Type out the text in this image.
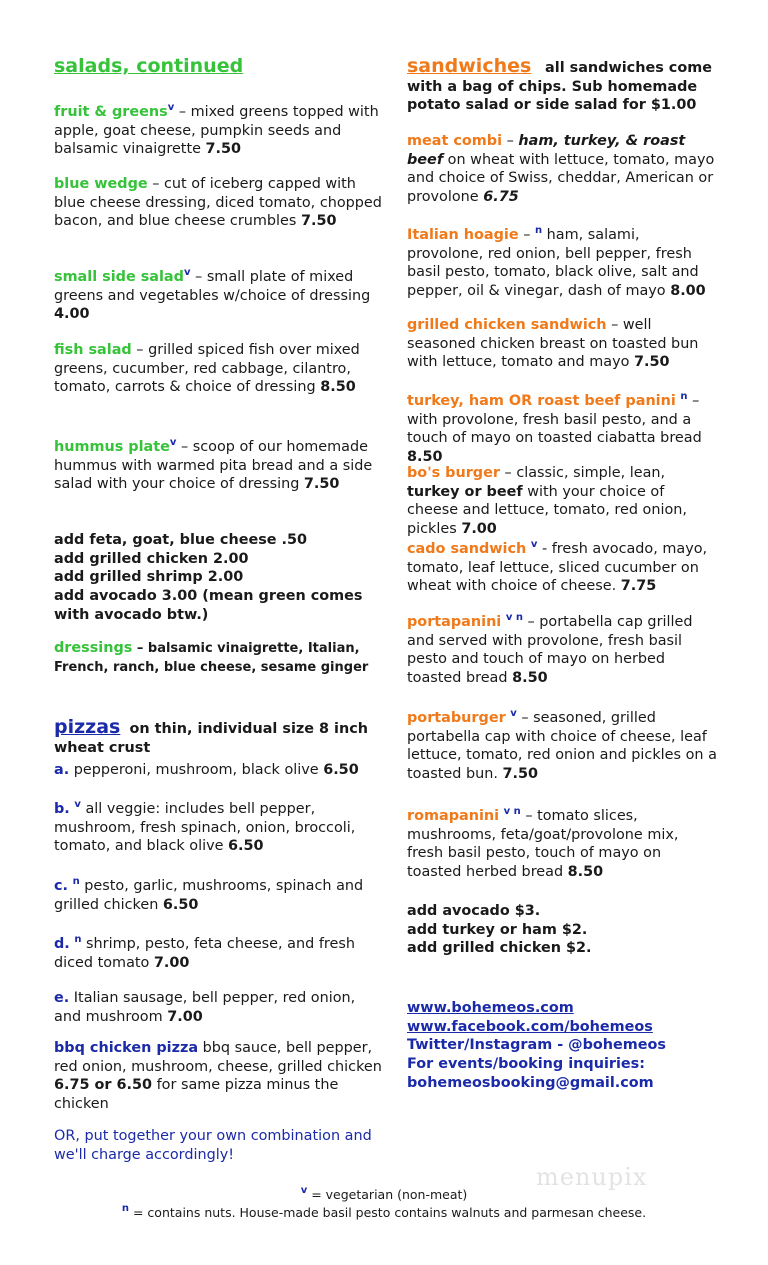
salads, continued
fruit & greens$^v$ – mixed greens topped with apple, goat cheese, pumpkin seeds and balsamic vinaigrette 7.50
blue wedge – cut of iceberg capped with blue cheese dressing, diced tomato, chopped bacon, and blue cheese crumbles 7.50
small side salad$^v$ – small plate of mixed greens and vegetables w/choice of dressing 4.00
fish salad – grilled spiced fish over mixed greens, cucumber, red cabbage, cilantro, tomato, carrots & choice of dressing 8.50
hummus plate$^v$ – scoop of our homemade hummus with warmed pita bread and a side salad with your choice of dressing 7.50
add feta, goat, blue cheese .50
add grilled chicken 2.00
add grilled shrimp 2.00
add avocado 3.00 (mean green comes with avocado btw.)
dressings – balsamic vinaigrette, Italian, French, ranch, blue cheese, sesame ginger
pizzas on thin, individual size 8 inch wheat crust
a. pepperoni, mushroom, black olive 6.50
b. $^v$ all veggie: includes bell pepper, mushroom, fresh spinach, onion, broccoli, tomato, and black olive 6.50
c. $^n$ pesto, garlic, mushrooms, spinach and grilled chicken 6.50
d. $^n$ shrimp, pesto, feta cheese, and fresh diced tomato 7.00
e. Italian sausage, bell pepper, red onion, and mushroom 7.00
bbq chicken pizza bbq sauce, bell pepper, red onion, mushroom, cheese, grilled chicken 6.75 or 6.50 for same pizza minus the chicken
OR, put together your own combination and we'll charge accordingly!
sandwiches all sandwiches come with a bag of chips. Sub homemade potato salad or side salad for $1.00
meat combi – ham, turkey, & roast beef on wheat with lettuce, tomato, mayo and choice of Swiss, cheddar, American or provolone 6.75
Italian hoagie – $^n$ ham, salami, provolone, red onion, bell pepper, fresh basil pesto, tomato, black olive, salt and pepper, oil & vinegar, dash of mayo 8.00
grilled chicken sandwich – well seasoned chicken breast on toasted bun with lettuce, tomato and mayo 7.50
turkey, ham OR roast beef panini $^n$ – with provolone, fresh basil pesto, and a touch of mayo on toasted ciabatta bread 8.50
bo's burger – classic, simple, lean, turkey or beef with your choice of cheese and lettuce, tomato, red onion, pickles 7.00
cado sandwich $^v$ - fresh avocado, mayo, tomato, leaf lettuce, sliced cucumber on wheat with choice of cheese. 7.75
portapanini $^{v n}$ – portabella cap grilled and served with provolone, fresh basil pesto and touch of mayo on herbed toasted bread 8.50
portaburger $^v$ – seasoned, grilled portabella cap with choice of cheese, leaf lettuce, tomato, red onion and pickles on a toasted bun. 7.50
romapanini $^{v n}$ – tomato slices, mushrooms, feta/goat/provolone mix, fresh basil pesto, touch of mayo on toasted herbed bread 8.50
add avocado $3.
add turkey or ham $2.
add grilled chicken $2.
www.bohemeos.com
www.facebook.com/bohemeos
Twitter/Instagram - @bohemeos
For events/booking inquiries:
bohemeosbooking@gmail.com
menupix
$^v$ = vegetarian (non-meat)
$^n$ = contains nuts. House-made basil pesto contains walnuts and parmesan cheese.
